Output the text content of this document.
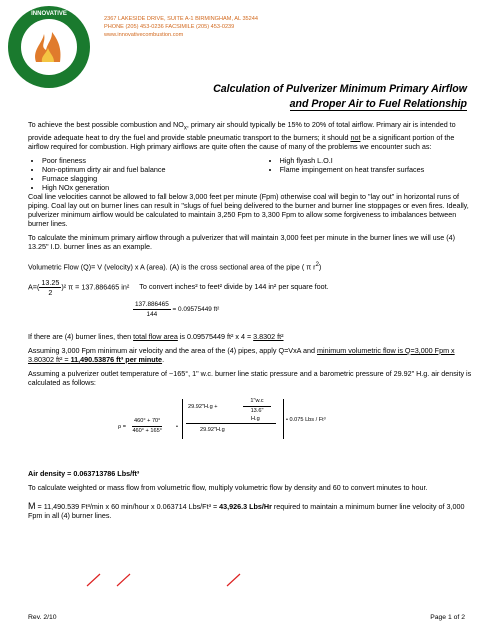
INNOVATIVE
2367 LAKESIDE DRIVE, SUITE A-1 BIRMINGHAM, AL 35244
PHONE (205) 453-0236 FACSIMILE (205) 453-0239
www.innovativecombustion.com
Calculation of Pulverizer Minimum Primary Airflow
and Proper Air to Fuel Relationship

To achieve the best possible combustion and $NO_x$, primary air should typically be 15% to 20% of total airflow. Primary air is intended to provide adequate heat to dry the fuel and provide stable pneumatic transport to the burners; it should not be a significant portion of the airflow required for combustion. High primary airflows are quite often the cause of many of the problems we encounter such as:

• Poor fineness
• Non-optimum dirty air and fuel balance
• Furnace slagging
• High NOx generation
• High flyash L.O.I
• Flame impingement on heat transfer surfaces

Coal line velocities cannot be allowed to fall below 3,000 feet per minute (Fpm) otherwise coal will begin to "lay out" in horizontal runs of piping. Coal lay out on burner lines can result in "slugs of fuel being delivered to the burner and burner line stoppages or even fires. Ideally, pulverizer minimum airflow would be calculated to maintain 3,250 Fpm to 3,300 Fpm to allow some forgiveness to imbalances between burner lines.

To calculate the minimum primary airflow through a pulverizer that will maintain 3,000 feet per minute in the burner lines we will use (4) 13.25" I.D. burner lines as an example.

Volumetric Flow (Q)= V (velocity) x A (area). (A) is the cross sectional area of the pipe ( π $r^2$)

$A=( \frac{13.25}{2} )^2$ π = 137.886465 in² To convert inches² to feet² divide by 144 in² per square foot.
$\frac{137.886465}{144} = 0.09575449$ ft²

If there are (4) burner lines, then total flow area is 0.09575449 ft² x 4 = 3.8302 ft²

Assuming 3,000 Fpm minimum air velocity and the area of the (4) pipes, apply Q=VxA and minimum volumetric flow is Q=3,000 Fpm x 3.80302 ft² = 11,490.53876 ft³ per minute.

Assuming a pulverizer outlet temperature of ~165°, 1" w.c. burner line static pressure and a barometric pressure of 29.92" H.g. air density is calculated as follows:

$\rho = \frac{460^\circ + 70^\circ}{460^\circ + 165^\circ}$ •
29.92"H.g +	$\frac{1"w.c}{13.6"}$
H.g
29.92"H.g
• 0.075 Lbs / Ft³

Air density = 0.063713786 Lbs/ft³

To calculate weighted or mass flow from volumetric flow, multiply volumetric flow by density and 60 to convert minutes to hour.

M = 11,490.539 Ft³/min x 60 min/hour x 0.063714 Lbs/Ft³ = 43,926.3 Lbs/Hr required to maintain a minimum burner line velocity of 3,000 Fpm in all (4) burner lines.

Rev. 2/10	Page 1 of 2
